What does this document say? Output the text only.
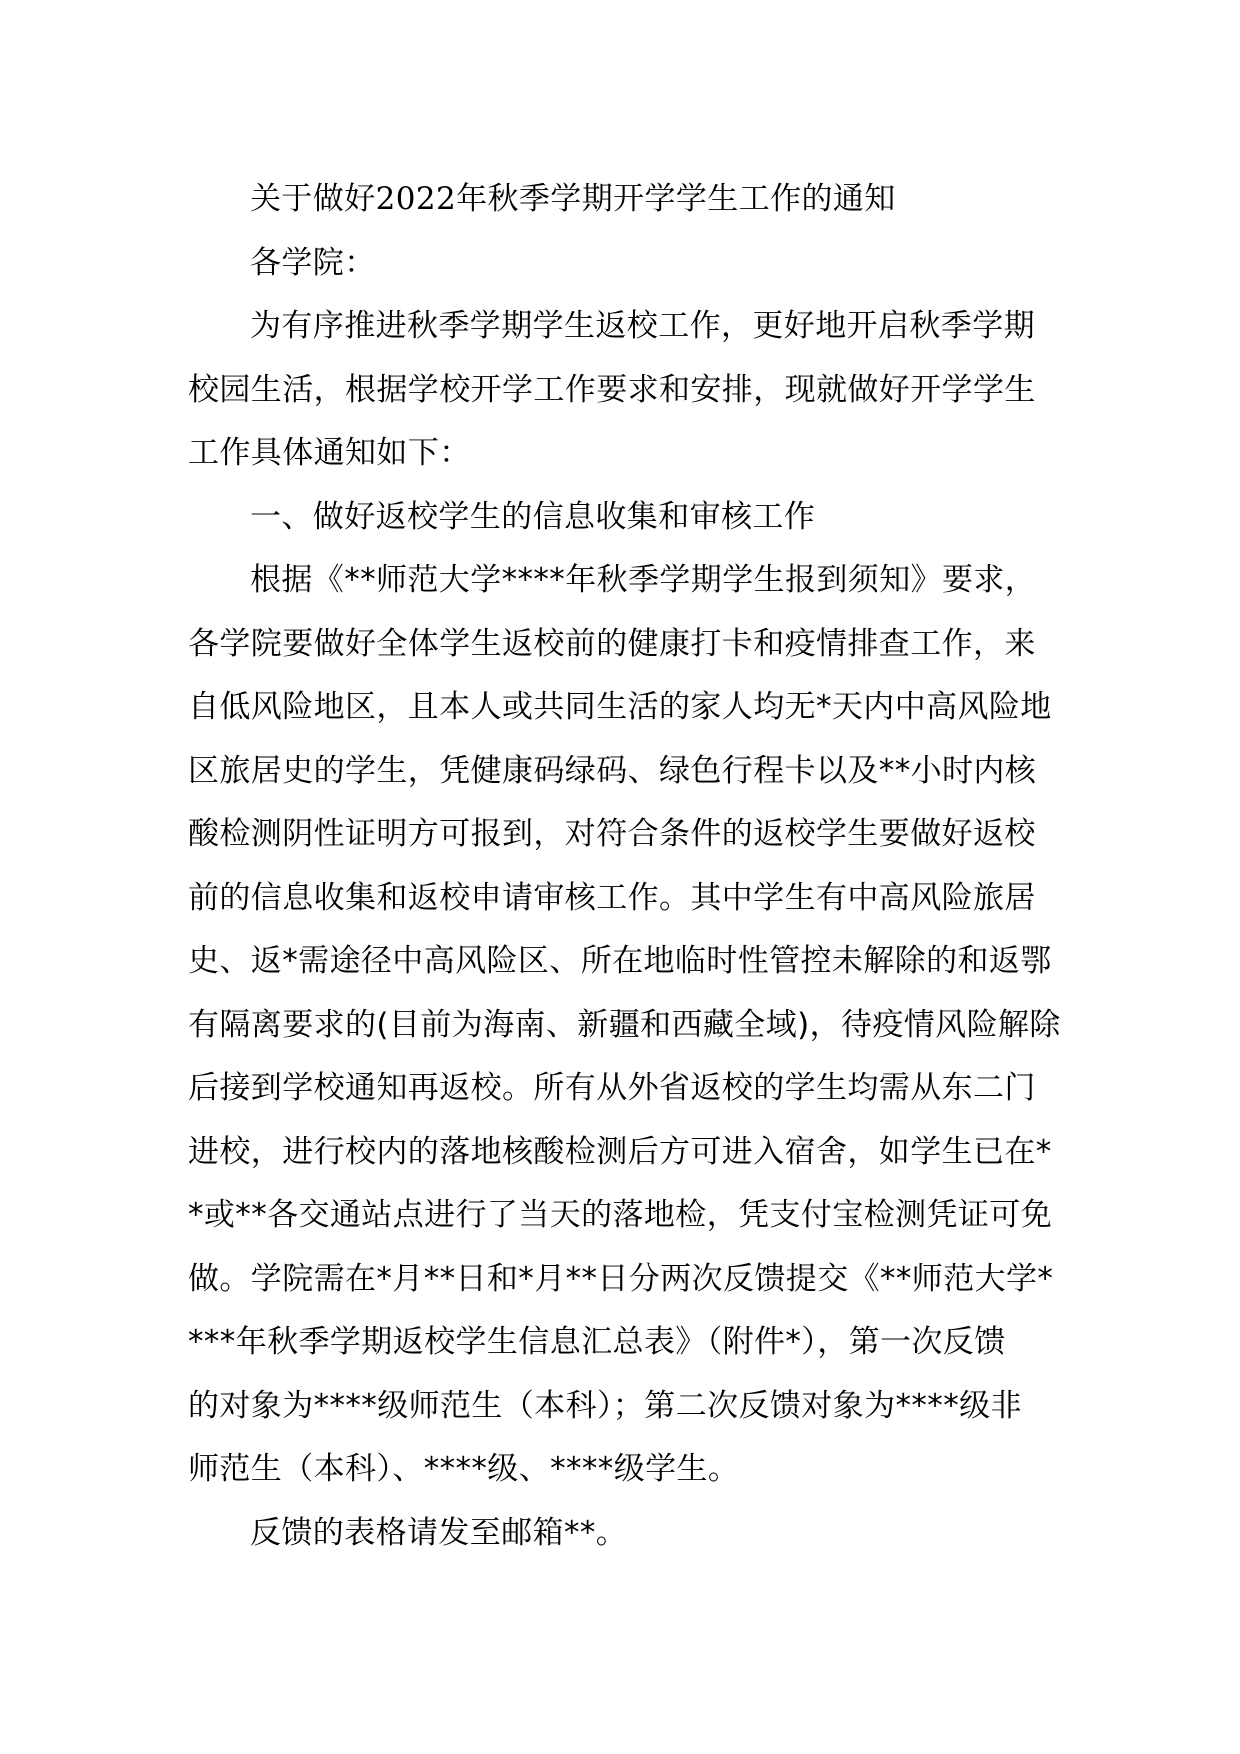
关于做好2022年秋季学期开学学生工作的通知
各学院：
为有序推进秋季学期学生返校工作，更好地开启秋季学期
校园生活，根据学校开学工作要求和安排，现就做好开学学生
工作具体通知如下：
一、做好返校学生的信息收集和审核工作
根据《**师范大学****年秋季学期学生报到须知》要求，
各学院要做好全体学生返校前的健康打卡和疫情排查工作，来
自低风险地区，且本人或共同生活的家人均无*天内中高风险地
区旅居史的学生，凭健康码绿码、绿色行程卡以及**小时内核
酸检测阴性证明方可报到，对符合条件的返校学生要做好返校
前的信息收集和返校申请审核工作。其中学生有中高风险旅居
史、返*需途径中高风险区、所在地临时性管控未解除的和返鄂
有隔离要求的(目前为海南、新疆和西藏全域)，待疫情风险解除
后接到学校通知再返校。所有从外省返校的学生均需从东二门
进校，进行校内的落地核酸检测后方可进入宿舍，如学生已在*
*或**各交通站点进行了当天的落地检，凭支付宝检测凭证可免
做。学院需在*月**日和*月**日分两次反馈提交《**师范大学*
***年秋季学期返校学生信息汇总表》（附件*），第一次反馈
的对象为****级师范生（本科）；第二次反馈对象为****级非
师范生（本科）、****级、****级学生。
反馈的表格请发至邮箱**。
